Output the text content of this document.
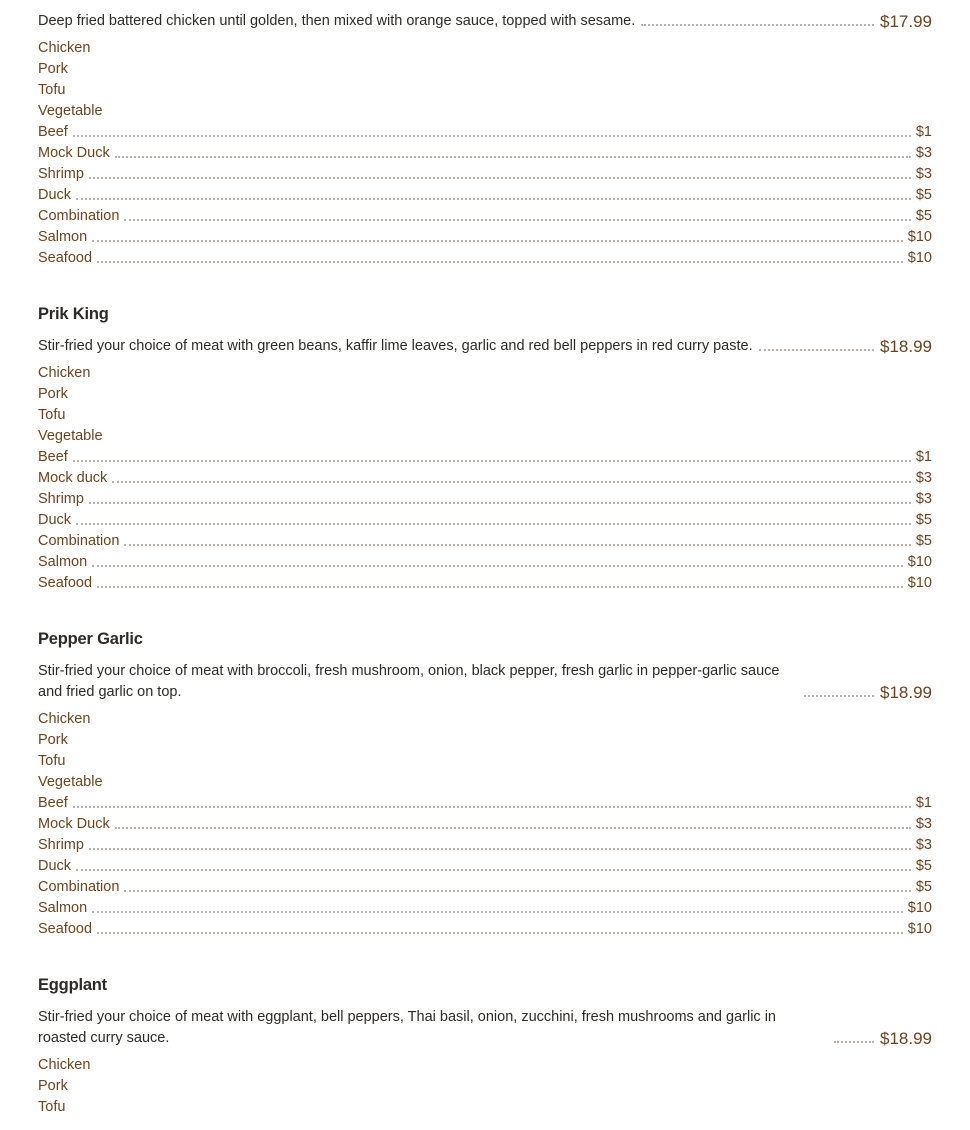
Deep fried battered chicken until golden, then mixed with orange sauce, topped with sesame.	$17.99
Chicken
Pork
Tofu
Vegetable
Beef	$1
Mock Duck	$3
Shrimp	$3
Duck	$5
Combination	$5
Salmon	$10
Seafood	$10
Prik King
Stir-fried your choice of meat with green beans, kaffir lime leaves, garlic and red bell peppers in red curry paste.	$18.99
Chicken
Pork
Tofu
Vegetable
Beef	$1
Mock duck	$3
Shrimp	$3
Duck	$5
Combination	$5
Salmon	$10
Seafood	$10
Pepper Garlic
Stir-fried your choice of meat with broccoli, fresh mushroom, onion, black pepper, fresh garlic in pepper-garlic sauce and fried garlic on top.	$18.99
Chicken
Pork
Tofu
Vegetable
Beef	$1
Mock Duck	$3
Shrimp	$3
Duck	$5
Combination	$5
Salmon	$10
Seafood	$10
Eggplant
Stir-fried your choice of meat with eggplant, bell peppers, Thai basil, onion, zucchini, fresh mushrooms and garlic in roasted curry sauce.	$18.99
Chicken
Pork
Tofu
